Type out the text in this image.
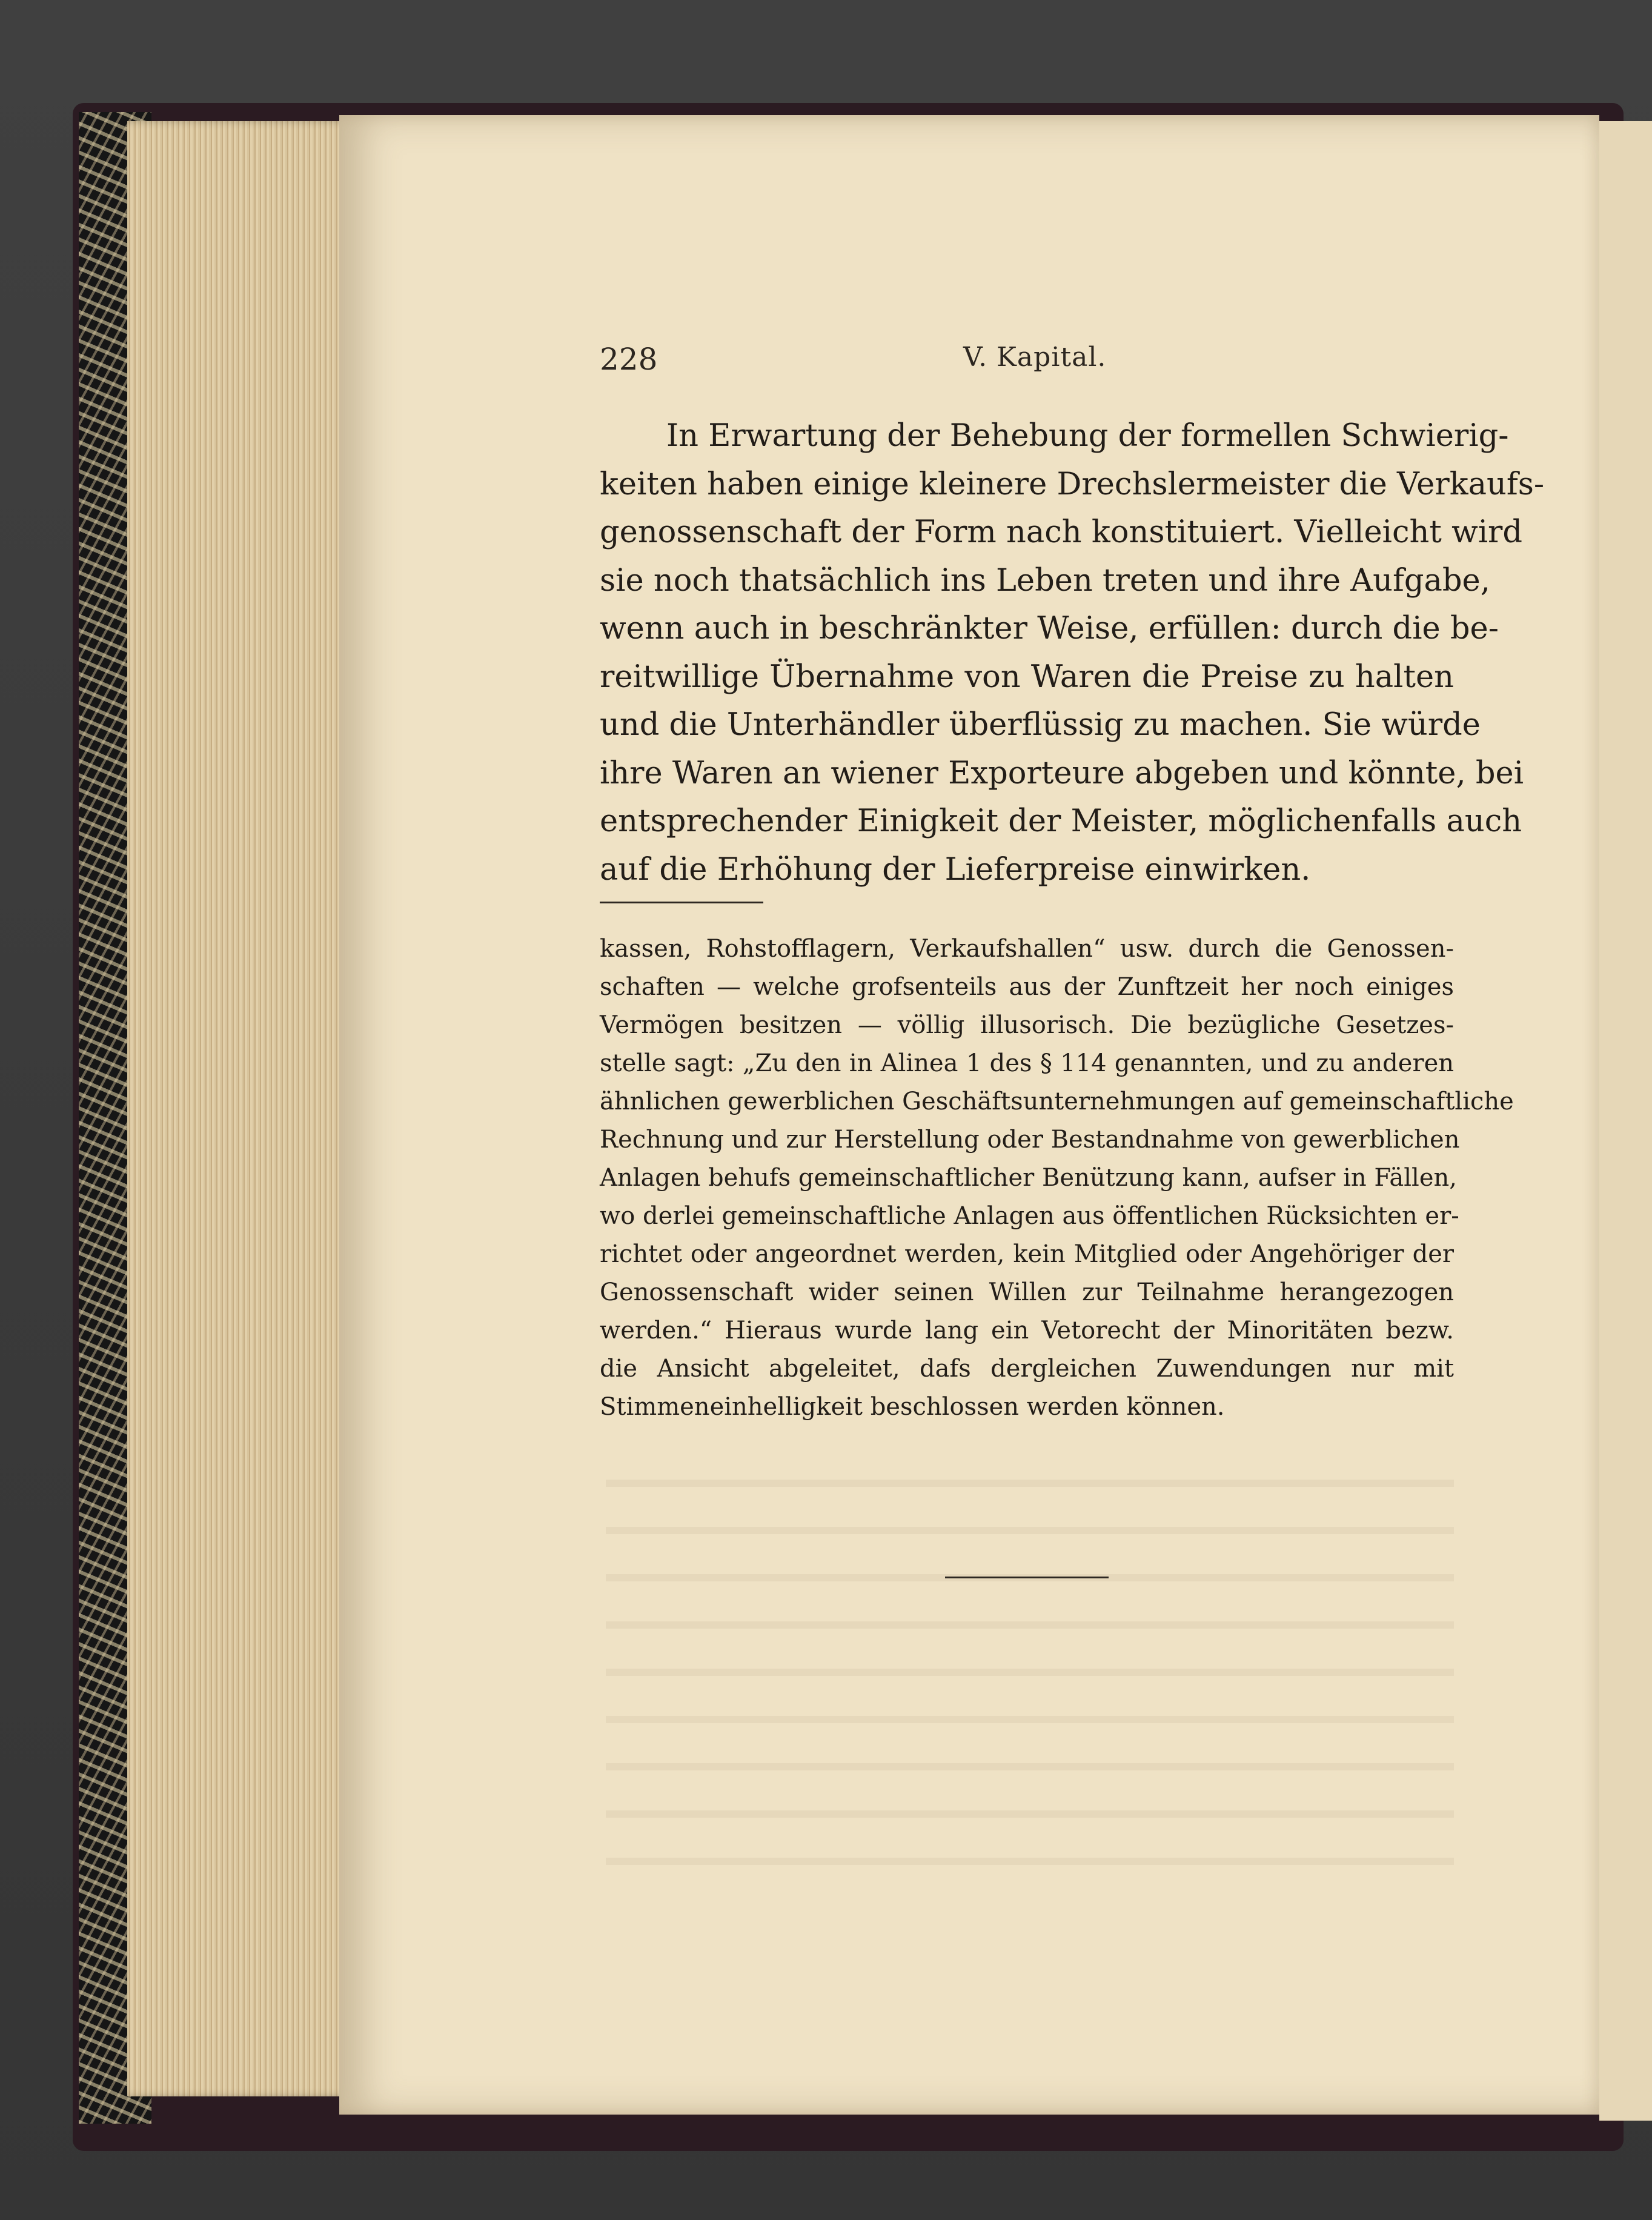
228	V. Kapital.

In Erwartung der Behebung der formellen Schwierig-
keiten haben einige kleinere Drechslermeister die Verkaufs-
genossenschaft der Form nach konstituiert. Vielleicht wird
sie noch thatsächlich ins Leben treten und ihre Aufgabe,
wenn auch in beschränkter Weise, erfüllen: durch die be-
reitwillige Übernahme von Waren die Preise zu halten
und die Unterhändler überflüssig zu machen. Sie würde
ihre Waren an wiener Exporteure abgeben und könnte, bei
entsprechender Einigkeit der Meister, möglichenfalls auch
auf die Erhöhung der Lieferpreise einwirken.

kassen, Rohstofflagern, Verkaufshallen“ usw. durch die Genossen-
schaften — welche grofsenteils aus der Zunftzeit her noch einiges
Vermögen besitzen — völlig illusorisch. Die bezügliche Gesetzes-
stelle sagt: „Zu den in Alinea 1 des § 114 genannten, und zu anderen
ähnlichen gewerblichen Geschäftsunternehmungen auf gemeinschaftliche
Rechnung und zur Herstellung oder Bestandnahme von gewerblichen
Anlagen behufs gemeinschaftlicher Benützung kann, aufser in Fällen,
wo derlei gemeinschaftliche Anlagen aus öffentlichen Rücksichten er-
richtet oder angeordnet werden, kein Mitglied oder Angehöriger der
Genossenschaft wider seinen Willen zur Teilnahme herangezogen
werden.“ Hieraus wurde lang ein Vetorecht der Minoritäten bezw.
die Ansicht abgeleitet, dafs dergleichen Zuwendungen nur mit
Stimmeneinhelligkeit beschlossen werden können.
